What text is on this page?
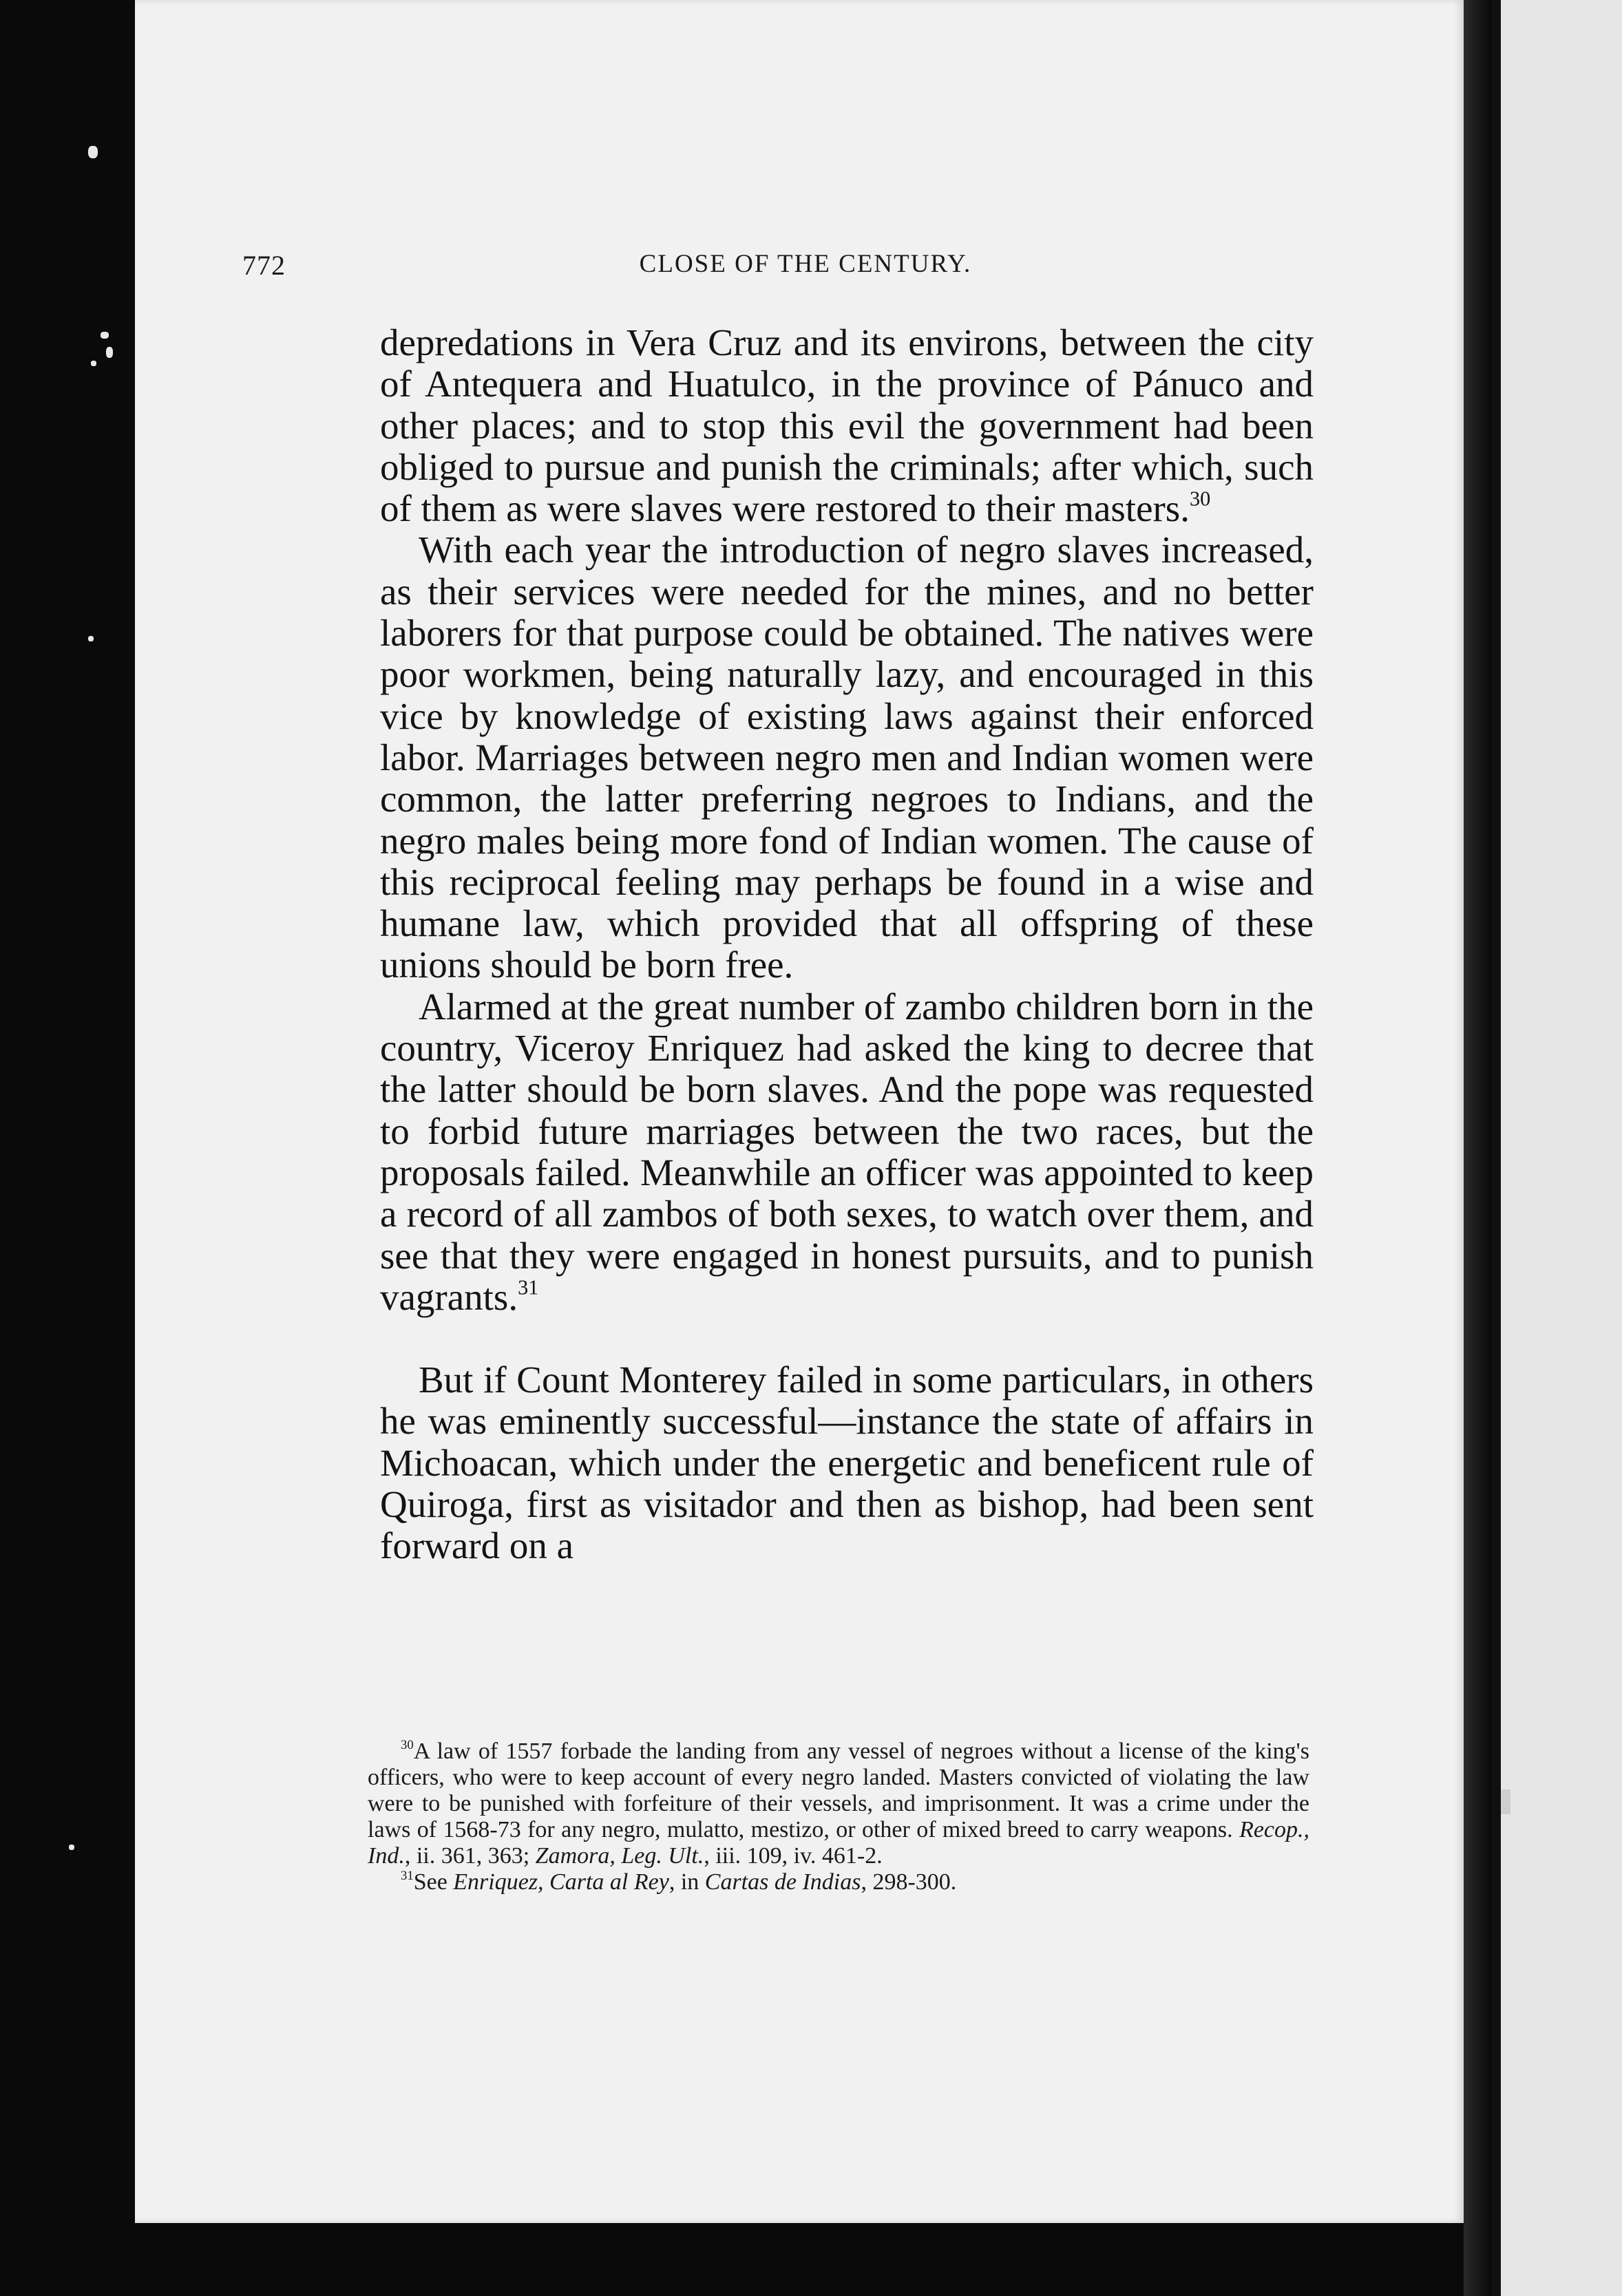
772	CLOSE OF THE CENTURY.

depredations in Vera Cruz and its environs, between the city of Antequera and Huatulco, in the province of Pánuco and other places; and to stop this evil the government had been obliged to pursue and punish the criminals; after which, such of them as were slaves were restored to their masters.$^{30}$

With each year the introduction of negro slaves increased, as their services were needed for the mines, and no better laborers for that purpose could be obtained. The natives were poor workmen, being naturally lazy, and encouraged in this vice by knowledge of existing laws against their enforced labor. Marriages between negro men and Indian women were common, the latter preferring negroes to Indians, and the negro males being more fond of Indian women. The cause of this reciprocal feeling may perhaps be found in a wise and humane law, which provided that all offspring of these unions should be born free.

Alarmed at the great number of zambo children born in the country, Viceroy Enriquez had asked the king to decree that the latter should be born slaves. And the pope was requested to forbid future marriages between the two races, but the proposals failed. Meanwhile an officer was appointed to keep a record of all zambos of both sexes, to watch over them, and see that they were engaged in honest pursuits, and to punish vagrants.$^{31}$

But if Count Monterey failed in some particulars, in others he was eminently successful—instance the state of affairs in Michoacan, which under the energetic and beneficent rule of Quiroga, first as visitador and then as bishop, had been sent forward on a

$^{30}$A law of 1557 forbade the landing from any vessel of negroes without a license of the king's officers, who were to keep account of every negro landed. Masters convicted of violating the law were to be punished with forfeiture of their vessels, and imprisonment. It was a crime under the laws of 1568-73 for any negro, mulatto, mestizo, or other of mixed breed to carry weapons. Recop., Ind., ii. 361, 363; Zamora, Leg. Ult., iii. 109, iv. 461-2.

$^{31}$See Enriquez, Carta al Rey, in Cartas de Indias, 298-300.
